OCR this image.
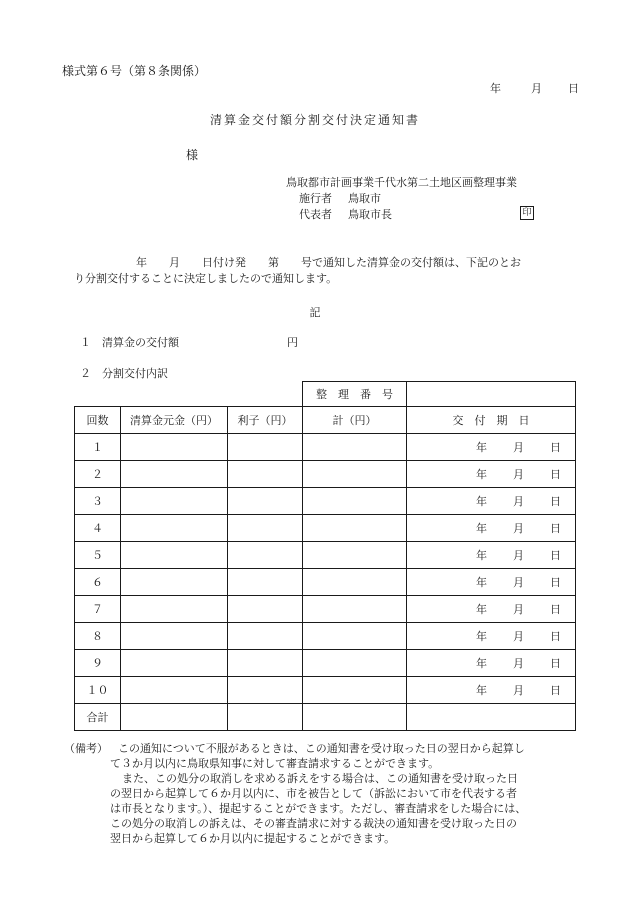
様式第６号（第８条関係）
年	月 日
清算金交付額分割交付決定通知書
様
鳥取都市計画事業千代水第二土地区画整理事業
施行者 鳥取市
代表者 鳥取市長	印
年　　月　　日付け発　　第　　号で通知した清算金の交付額は、下記のとお
り分割交付することに決定しましたので通知します。
記
１　清算金の交付額	円
２　分割交付内訳
			整　理　番　号	
回数	清算金元金（円）	利子（円）	計（円）	交　付　期　日
１				年 月 日
２				年 月 日
３				年 月 日
４				年 月 日
５				年 月 日
６				年 月 日
７				年 月 日
８				年 月 日
９				年 月 日
１０				年 月 日
合計				
（備考） この通知について不服があるときは、この通知書を受け取った日の翌日から起算し
て３か月以内に鳥取県知事に対して審査請求することができます。
また、この処分の取消しを求める訴えをする場合は、この通知書を受け取った日
の翌日から起算して６か月以内に、市を被告として（訴訟において市を代表する者
は市長となります。）、提起することができます。ただし、審査請求をした場合には、
この処分の取消しの訴えは、その審査請求に対する裁決の通知書を受け取った日の
翌日から起算して６か月以内に提起することができます。
